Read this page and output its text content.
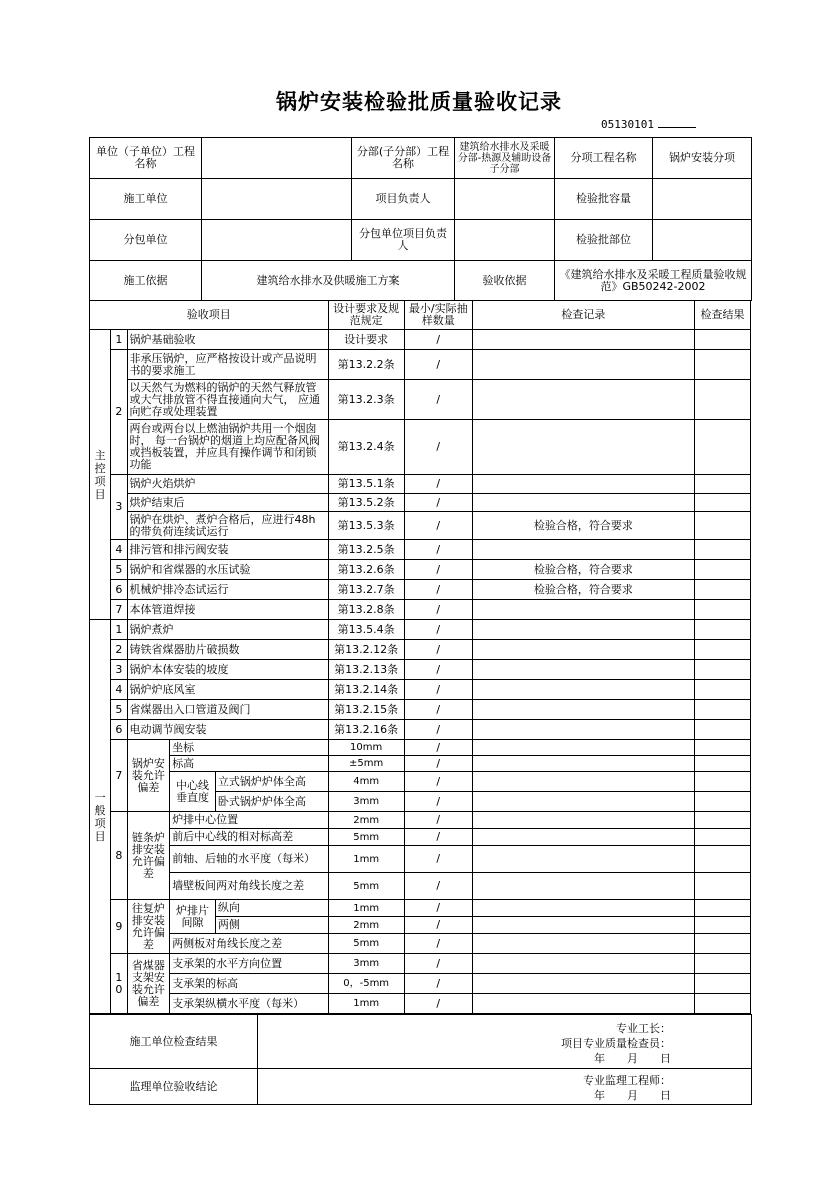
锅炉安装检验批质量验收记录
05130101
单位（子单位）工程名称		分部(子分部）工程名称	建筑给水排水及采暖分部-热源及辅助设备子分部	分项工程名称	锅炉安装分项
施工单位		项目负责人		检验批容量	
分包单位		分包单位项目负责人		检验批部位	
施工依据	建筑给水排水及供暖施工方案		验收依据	《建筑给水排水及采暖工程质量验收规范》GB50242-2002	
验收项目					设计要求及规范规定	最小/实际抽样数量	检查记录	检查结果
主控项目	1	锅炉基础验收			设计要求	/		
	2	非承压锅炉，应严格按设计或产品说明书的要求施工			第13.2.2条	/		
		以天然气为燃料的锅炉的天然气释放管或大气排放管不得直接通向大气， 应通向贮存或处理装置			第13.2.3条	/		
		两台或两台以上燃油锅炉共用一个烟囱时， 每一台锅炉的烟道上均应配备风阀或挡板装置，并应具有操作调节和闭锁功能			第13.2.4条	/		
	3	锅炉火焰烘炉			第13.5.1条	/		
		烘炉结束后			第13.5.2条	/		
		锅炉在烘炉、煮炉合格后，应进行48h 的带负荷连续试运行			第13.5.3条	/	检验合格，符合要求	
	4	排污管和排污阀安装			第13.2.5条	/		
	5	锅炉和省煤器的水压试验			第13.2.6条	/	检验合格，符合要求	
	6	机械炉排冷态试运行			第13.2.7条	/	检验合格，符合要求	
	7	本体管道焊接			第13.2.8条	/		
一般项目	1	锅炉煮炉			第13.5.4条	/		
	2	铸铁省煤器肋片破损数			第13.2.12条	/		
	3	锅炉本体安装的坡度			第13.2.13条	/		
	4	锅炉炉底风室			第13.2.14条	/		
	5	省煤器出入口管道及阀门			第13.2.15条	/		
	6	电动调节阀安装			第13.2.16条	/		
	7	锅炉安装允许偏差	坐标		10mm	/		
			标高		±5mm	/		
			中心线垂直度	立式锅炉炉体全高	4mm	/		
				卧式锅炉炉体全高	3mm	/		
	8	链条炉排安装允许偏差	炉排中心位置		2mm	/		
			前后中心线的相对标高差		5mm	/		
			前轴、后轴的水平度（每米）		1mm	/		
			墙壁板间两对角线长度之差		5mm	/		
	9	往复炉排安装允许偏差	炉排片间隙	纵向	1mm	/		
				两侧	2mm	/		
			两侧板对角线长度之差		5mm	/		
	10	省煤器支架安装允许偏差	支承架的水平方向位置		3mm	/		
			支承架的标高		0，-5mm	/		
			支承架纵横水平度（每米）		1mm	/		
施工单位检查结果	专业工长：
项目专业质量检查员：
年　　月　　日

监理单位验收结论	专业监理工程师：
年　　月　　日
